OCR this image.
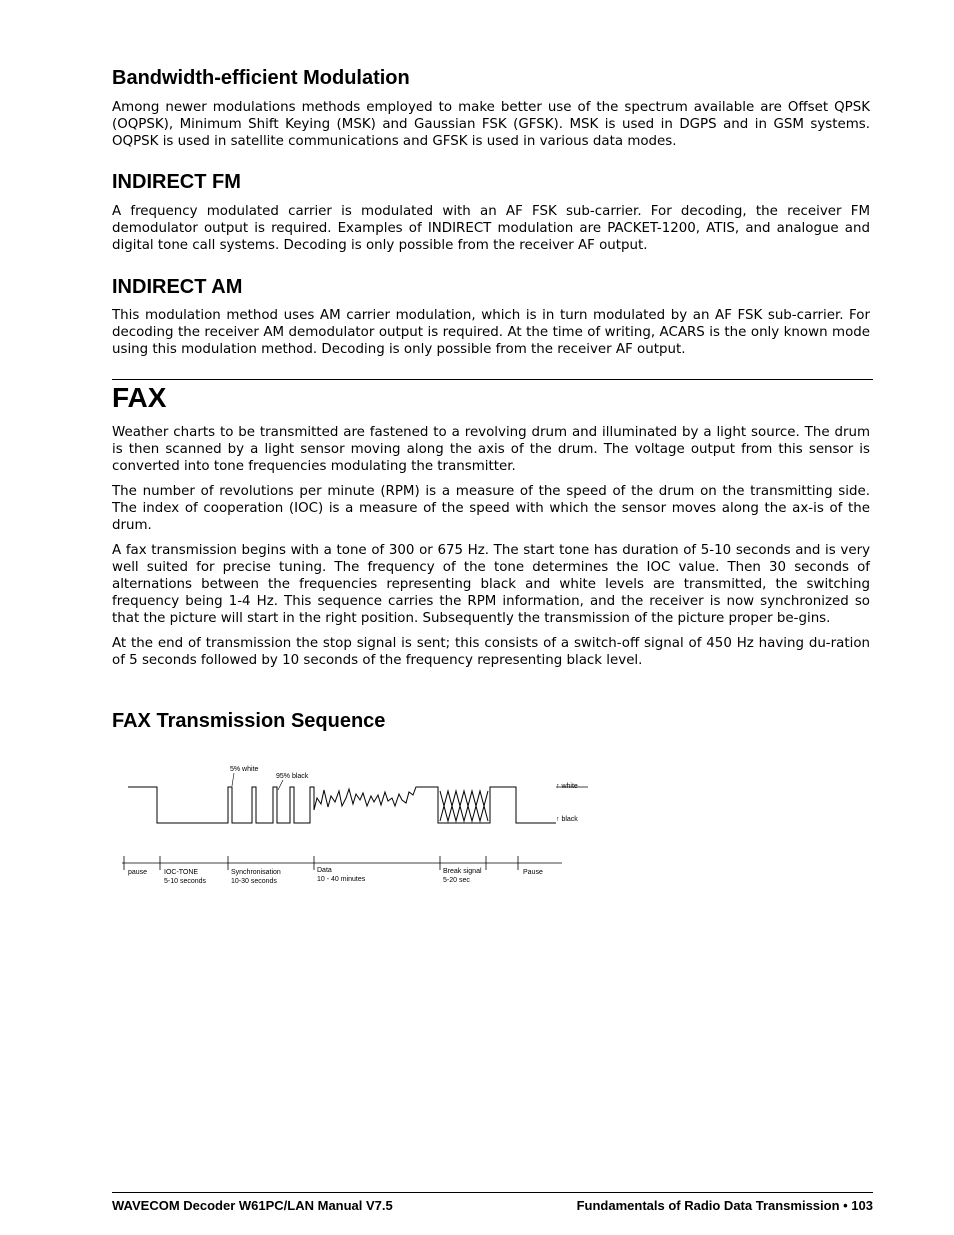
Bandwidth-efficient Modulation

Among newer modulations methods employed to make better use of the spectrum available are Offset QPSK (OQPSK), Minimum Shift Keying (MSK) and Gaussian FSK (GFSK). MSK is used in DGPS and in GSM systems. OQPSK is used in satellite communications and GFSK is used in various data modes.

INDIRECT FM

A frequency modulated carrier is modulated with an AF FSK sub-carrier. For decoding, the receiver FM demodulator output is required. Examples of INDIRECT modulation are PACKET-1200, ATIS, and analogue and digital tone call systems. Decoding is only possible from the receiver AF output.

INDIRECT AM

This modulation method uses AM carrier modulation, which is in turn modulated by an AF FSK sub-carrier. For decoding the receiver AM demodulator output is required. At the time of writing, ACARS is the only known mode using this modulation method. Decoding is only possible from the receiver AF output.

FAX

Weather charts to be transmitted are fastened to a revolving drum and illuminated by a light source. The drum is then scanned by a light sensor moving along the axis of the drum. The voltage output from this sensor is converted into tone frequencies modulating the transmitter.

The number of revolutions per minute (RPM) is a measure of the speed of the drum on the transmitting side. The index of cooperation (IOC) is a measure of the speed with which the sensor moves along the ax-is of the drum.

A fax transmission begins with a tone of 300 or 675 Hz. The start tone has duration of 5-10 seconds and is very well suited for precise tuning. The frequency of the tone determines the IOC value. Then 30 seconds of alternations between the frequencies representing black and white levels are transmitted, the switching frequency being 1-4 Hz. This sequence carries the RPM information, and the receiver is now synchronized so that the picture will start in the right position. Subsequently the transmission of the picture proper be-gins.

At the end of transmission the stop signal is sent; this consists of a switch-off signal of 450 Hz having du-ration of 5 seconds followed by 10 seconds of the frequency representing black level.

FAX Transmission Sequence
WAVECOM Decoder W61PC/LAN Manual V7.5	Fundamentals of Radio Data Transmission • 103
5% white
95% black
↑ white
↑ black
pause IOC-TONE
5-10 seconds
Synchronisation
10-30 seconds
Data
10 - 40 minutes
Break signal
5-20 sec
Pause
